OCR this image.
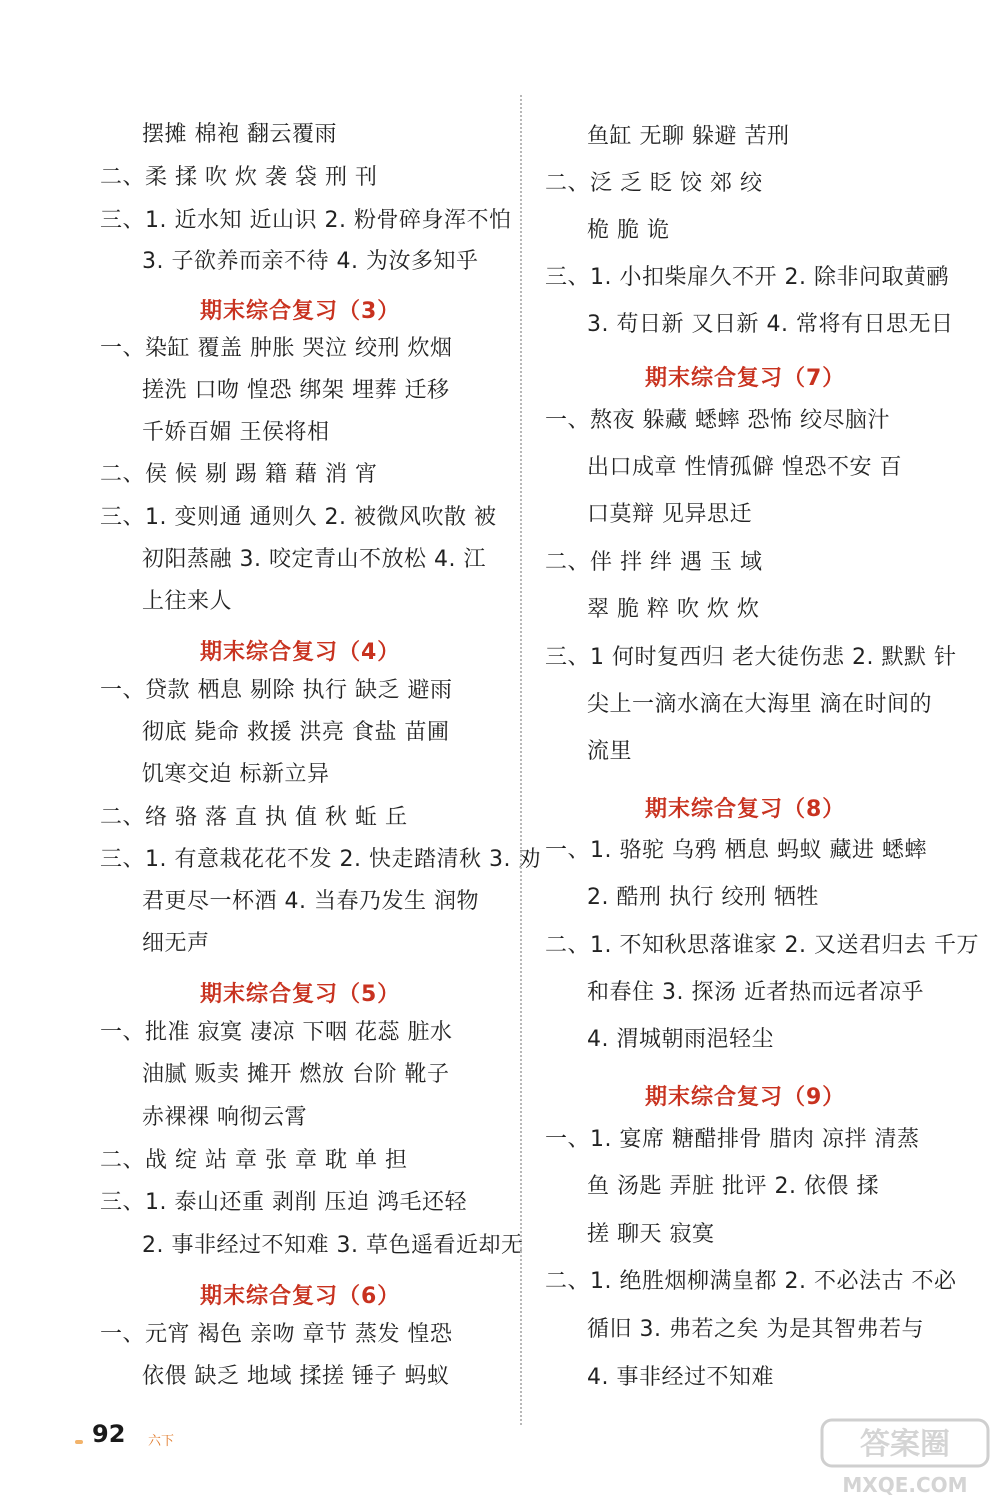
摆摊 棉袍 翻云覆雨
二、柔 揉 吹 炊 袭 袋 刑 刊
三、1. 近水知 近山识 2. 粉骨碎身浑不怕
3. 子欲养而亲不待 4. 为汝多知乎
期末综合复习（3）
一、染缸 覆盖 肿胀 哭泣 绞刑 炊烟
搓洗 口吻 惶恐 绑架 埋葬 迁移
千娇百媚 王侯将相
二、侯 候 剔 踢 籍 藉 消 宵
三、1. 变则通 通则久 2. 被微风吹散 被
初阳蒸融 3. 咬定青山不放松 4. 江
上往来人
期末综合复习（4）
一、贷款 栖息 剔除 执行 缺乏 避雨
彻底 毙命 救援 洪亮 食盐 苗圃
饥寒交迫 标新立异
二、络 骆 落 直 执 值 秋 蚯 丘
三、1. 有意栽花花不发 2. 快走踏清秋 3. 劝
君更尽一杯酒 4. 当春乃发生 润物
细无声
期末综合复习（5）
一、批准 寂寞 凄凉 下咽 花蕊 脏水
油腻 贩卖 摊开 燃放 台阶 靴子
赤裸裸 响彻云霄
二、战 绽 站 章 张 章 耽 单 担
三、1. 泰山还重 剥削 压迫 鸿毛还轻
2. 事非经过不知难 3. 草色遥看近却无
期末综合复习（6）
一、元宵 褐色 亲吻 章节 蒸发 惶恐
依偎 缺乏 地域 揉搓 锤子 蚂蚁
鱼缸 无聊 躲避 苦刑
二、泛 乏 眨 饺 郊 绞
桅 脆 诡
三、1. 小扣柴扉久不开 2. 除非问取黄鹂
3. 苟日新 又日新 4. 常将有日思无日
期末综合复习（7）
一、熬夜 躲藏 蟋蟀 恐怖 绞尽脑汁
出口成章 性情孤僻 惶恐不安 百
口莫辩 见异思迁
二、伴 拌 绊 遇 玉 域
翠 脆 粹 吹 炊 炊
三、1 何时复西归 老大徒伤悲 2. 默默 针
尖上一滴水滴在大海里 滴在时间的
流里
期末综合复习（8）
一、1. 骆驼 乌鸦 栖息 蚂蚁 藏进 蟋蟀
2. 酷刑 执行 绞刑 牺牲
二、1. 不知秋思落谁家 2. 又送君归去 千万
和春住 3. 探汤 近者热而远者凉乎
4. 渭城朝雨浥轻尘
期末综合复习（9）
一、1. 宴席 糖醋排骨 腊肉 凉拌 清蒸
鱼 汤匙 弄脏 批评 2. 依偎 揉
搓 聊天 寂寞
二、1. 绝胜烟柳满皇都 2. 不必法古 不必
循旧 3. 弗若之矣 为是其智弗若与
4. 事非经过不知难
92 六下	答案圈
MXQE.COM
